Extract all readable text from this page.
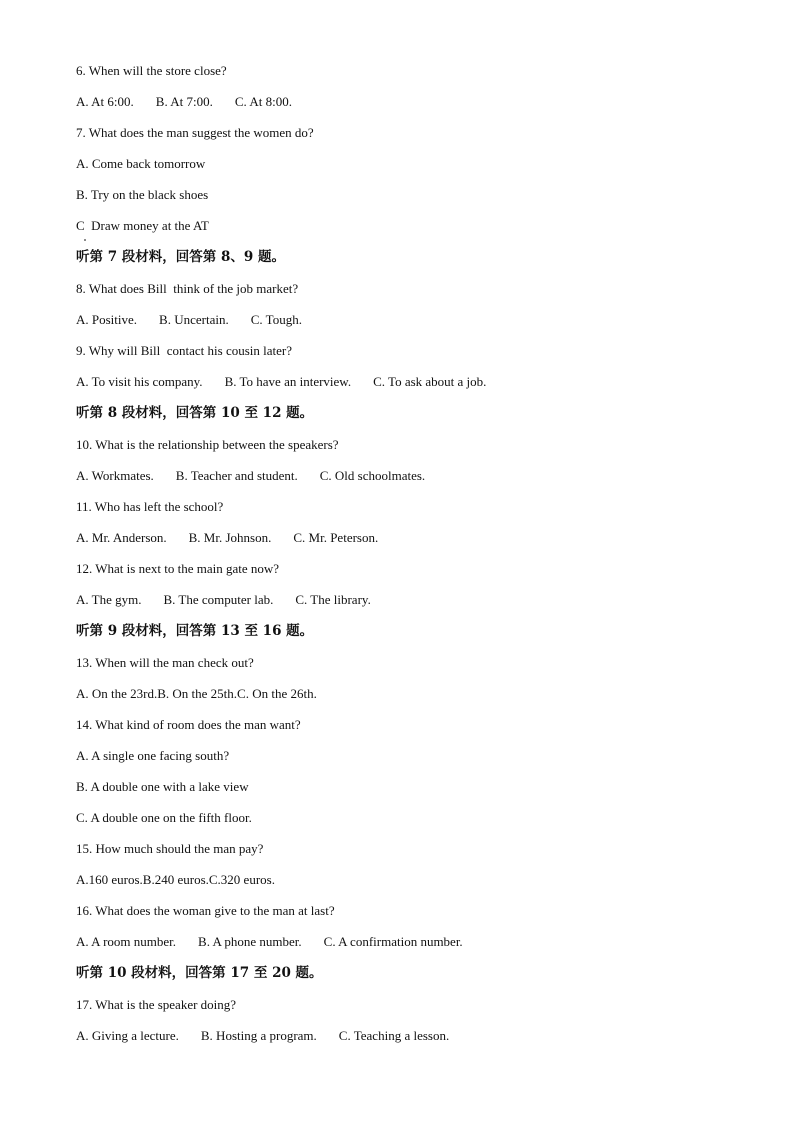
6. When will the store close?
A. At 6:00. B. At 7:00. C. At 8:00.
7. What does the man suggest the women do?
A. Come back tomorrow
B. Try on the black shoes
C  Draw money at the AT
听第 7 段材料，回答第 8、9 题。
8. What does Bill  think of the job market?
A. Positive. B. Uncertain. C. Tough.
9. Why will Bill  contact his cousin later?
A. To visit his company. B. To have an interview. C. To ask about a job.
听第 8 段材料，回答第 10 至 12 题。
10. What is the relationship between the speakers?
A. Workmates. B. Teacher and student. C. Old schoolmates.
11. Who has left the school?
A. Mr. Anderson. B. Mr. Johnson. C. Mr. Peterson.
12. What is next to the main gate now?
A. The gym. B. The computer lab. C. The library.
听第 9 段材料，回答第 13 至 16 题。
13. When will the man check out?
A. On the 23rd.B. On the 25th.C. On the 26th.
14. What kind of room does the man want?
A. A single one facing south?
B. A double one with a lake view
C. A double one on the fifth floor.
15. How much should the man pay?
A.160 euros.B.240 euros.C.320 euros.
16. What does the woman give to the man at last?
A. A room number. B. A phone number. C. A confirmation number.
听第 10 段材料，回答第 17 至 20 题。
17. What is the speaker doing?
A. Giving a lecture. B. Hosting a program. C. Teaching a lesson.
